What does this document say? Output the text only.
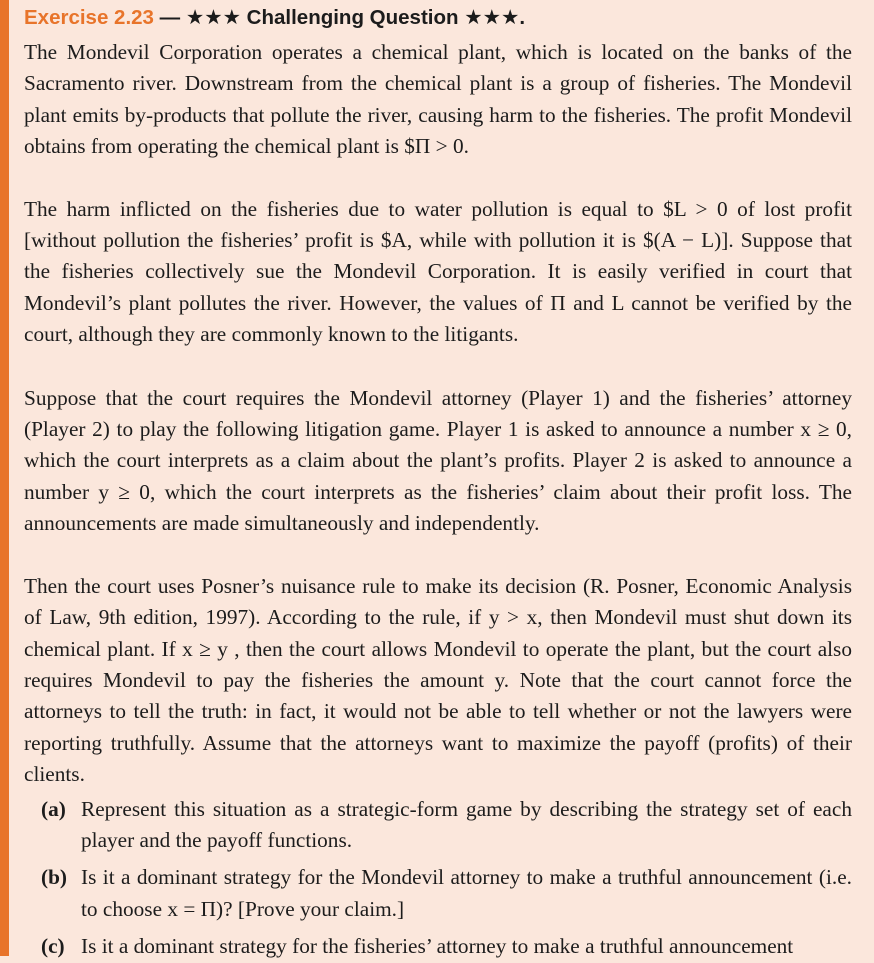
Exercise 2.23 — ★★★ Challenging Question ★★★.

The Mondevil Corporation operates a chemical plant, which is located on the banks of the Sacramento river. Downstream from the chemical plant is a group of fisheries. The Mondevil plant emits by-products that pollute the river, causing harm to the fisheries. The profit Mondevil obtains from operating the chemical plant is $Π > 0.

The harm inflicted on the fisheries due to water pollution is equal to $L > 0 of lost profit [without pollution the fisheries’ profit is $A, while with pollution it is $(A − L)]. Suppose that the fisheries collectively sue the Mondevil Corporation. It is easily verified in court that Mondevil’s plant pollutes the river. However, the values of Π and L cannot be verified by the court, although they are commonly known to the litigants.

Suppose that the court requires the Mondevil attorney (Player 1) and the fisheries’ attorney (Player 2) to play the following litigation game. Player 1 is asked to announce a number x ≥ 0, which the court interprets as a claim about the plant’s profits. Player 2 is asked to announce a number y ≥ 0, which the court interprets as the fisheries’ claim about their profit loss. The announcements are made simultaneously and independently.

Then the court uses Posner’s nuisance rule to make its decision (R. Posner, Economic Analysis of Law, 9th edition, 1997). According to the rule, if y > x, then Mondevil must shut down its chemical plant. If x ≥ y , then the court allows Mondevil to operate the plant, but the court also requires Mondevil to pay the fisheries the amount y. Note that the court cannot force the attorneys to tell the truth: in fact, it would not be able to tell whether or not the lawyers were reporting truthfully. Assume that the attorneys want to maximize the payoff (profits) of their clients.

(a) Represent this situation as a strategic-form game by describing the strategy set of each player and the payoff functions.
(b) Is it a dominant strategy for the Mondevil attorney to make a truthful announcement (i.e. to choose x = Π)? [Prove your claim.]
(c) Is it a dominant strategy for the fisheries’ attorney to make a truthful announcement
